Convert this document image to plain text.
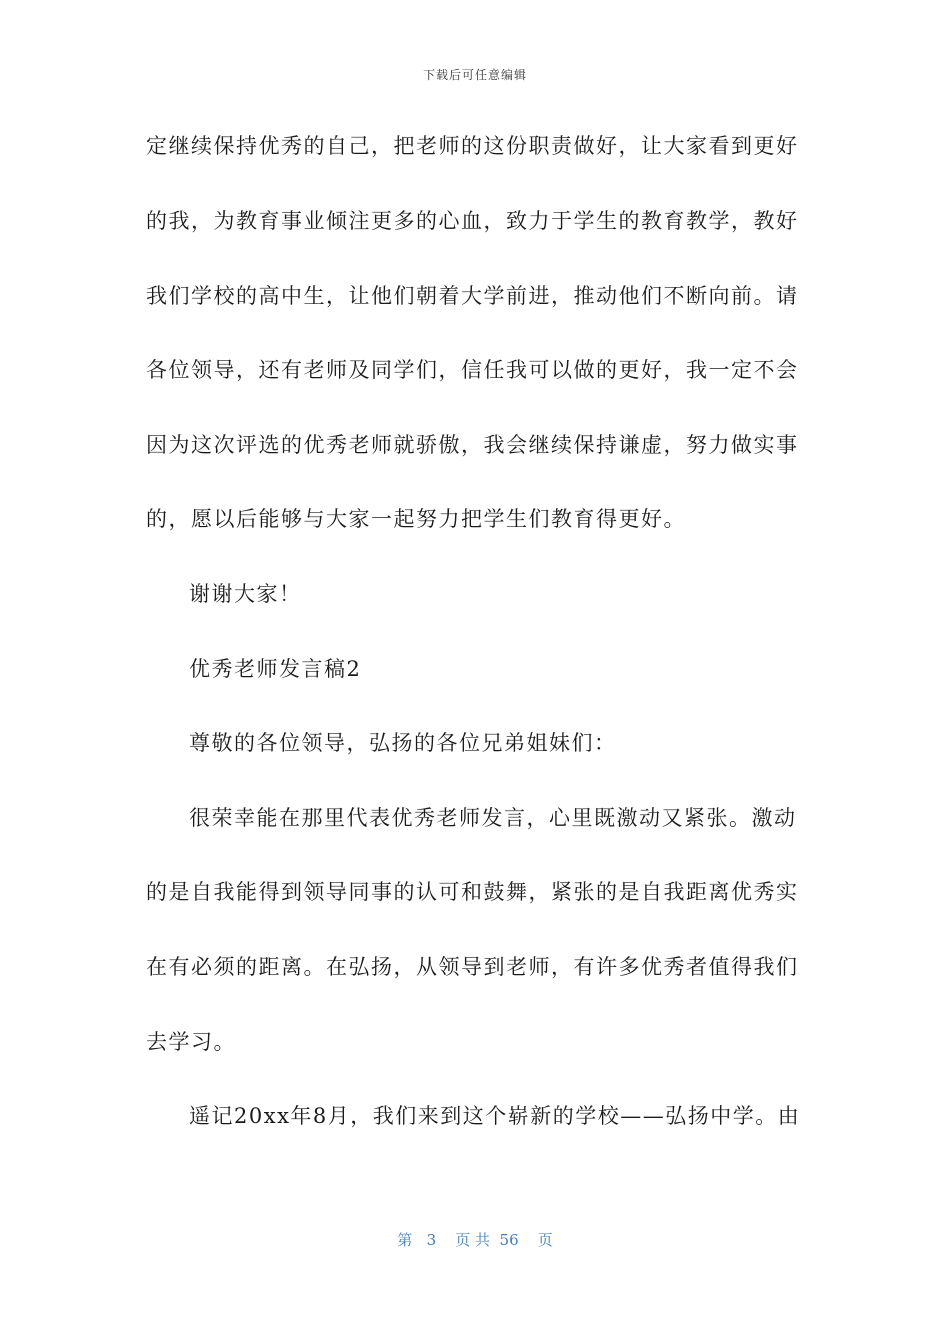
下载后可任意编辑
定继续保持优秀的自己，把老师的这份职责做好，让大家看到更好
的我，为教育事业倾注更多的心血，致力于学生的教育教学，教好
我们学校的高中生，让他们朝着大学前进，推动他们不断向前。请
各位领导，还有老师及同学们，信任我可以做的更好，我一定不会
因为这次评选的优秀老师就骄傲，我会继续保持谦虚，努力做实事
的，愿以后能够与大家一起努力把学生们教育得更好。
谢谢大家！
优秀老师发言稿2
尊敬的各位领导，弘扬的各位兄弟姐妹们：
很荣幸能在那里代表优秀老师发言，心里既激动又紧张。激动
的是自我能得到领导同事的认可和鼓舞，紧张的是自我距离优秀实
在有必须的距离。在弘扬，从领导到老师，有许多优秀者值得我们
去学习。
遥记20xx年8月，我们来到这个崭新的学校——弘扬中学。由
第 3 页 共 56 页
